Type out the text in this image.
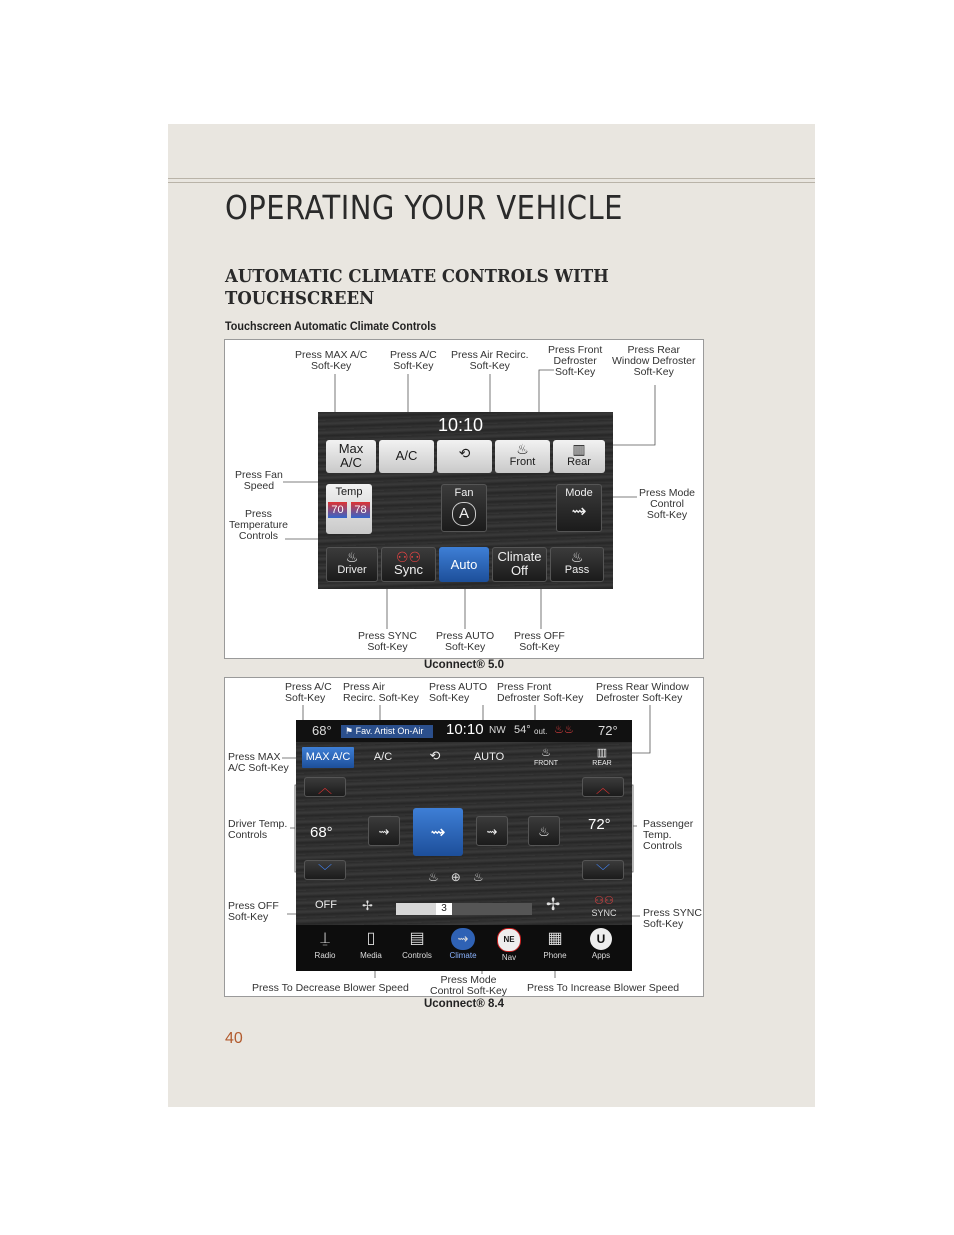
OPERATING YOUR VEHICLE
AUTOMATIC CLIMATE CONTROLS WITH
TOUCHSCREEN
Touchscreen Automatic Climate Controls
Press MAX A/C
Soft-Key
Press A/C
Soft-Key
Press Air Recirc.
Soft-Key
Press Front
Defroster
Soft-Key
Press Rear
Window Defroster
Soft-Key
Press Fan
Speed
Press
Temperature
Controls
Press Mode
Control
Soft-Key
Press SYNC
Soft-Key
Press AUTO
Soft-Key
Press OFF
Soft-Key
10:10
Max
A/C	A/C	⟲	♨
Front
▥
Rear
Temp
70 78
Fan
A
Mode
⇝
♨
Driver
⚇⚇
Sync	Auto
Climate
Off
♨
Pass
Uconnect® 5.0
Press A/C
Soft-Key
Press Air
Recirc. Soft-Key
Press AUTO
Soft-Key
Press Front
Defroster Soft-Key
Press Rear Window
Defroster Soft-Key
Press MAX
A/C Soft-Key
Driver Temp.
Controls
Passenger
Temp.
Controls
Press OFF
Soft-Key	Press SYNC
Soft-Key
Press Mode
Control Soft-Key
Press To Decrease Blower Speed	Press To Increase Blower Speed
68°	⚑ Fav. Artist On-Air	10:10 NW 54° out. ♨♨ 72°
MAX A/C	A/C	⟲	AUTO	♨
FRONT
▥
REAR
︿
68°
﹀
︿
72°
﹀
⇝	⇝	⇝	♨
♨⊕♨
OFF	✢	3	✢	⚇⚇
SYNC
⍊
Radio
▯
Media
▤
Controls
⇝
Climate
NE
Nav
▦
Phone
U
Apps
Uconnect® 8.4
40
